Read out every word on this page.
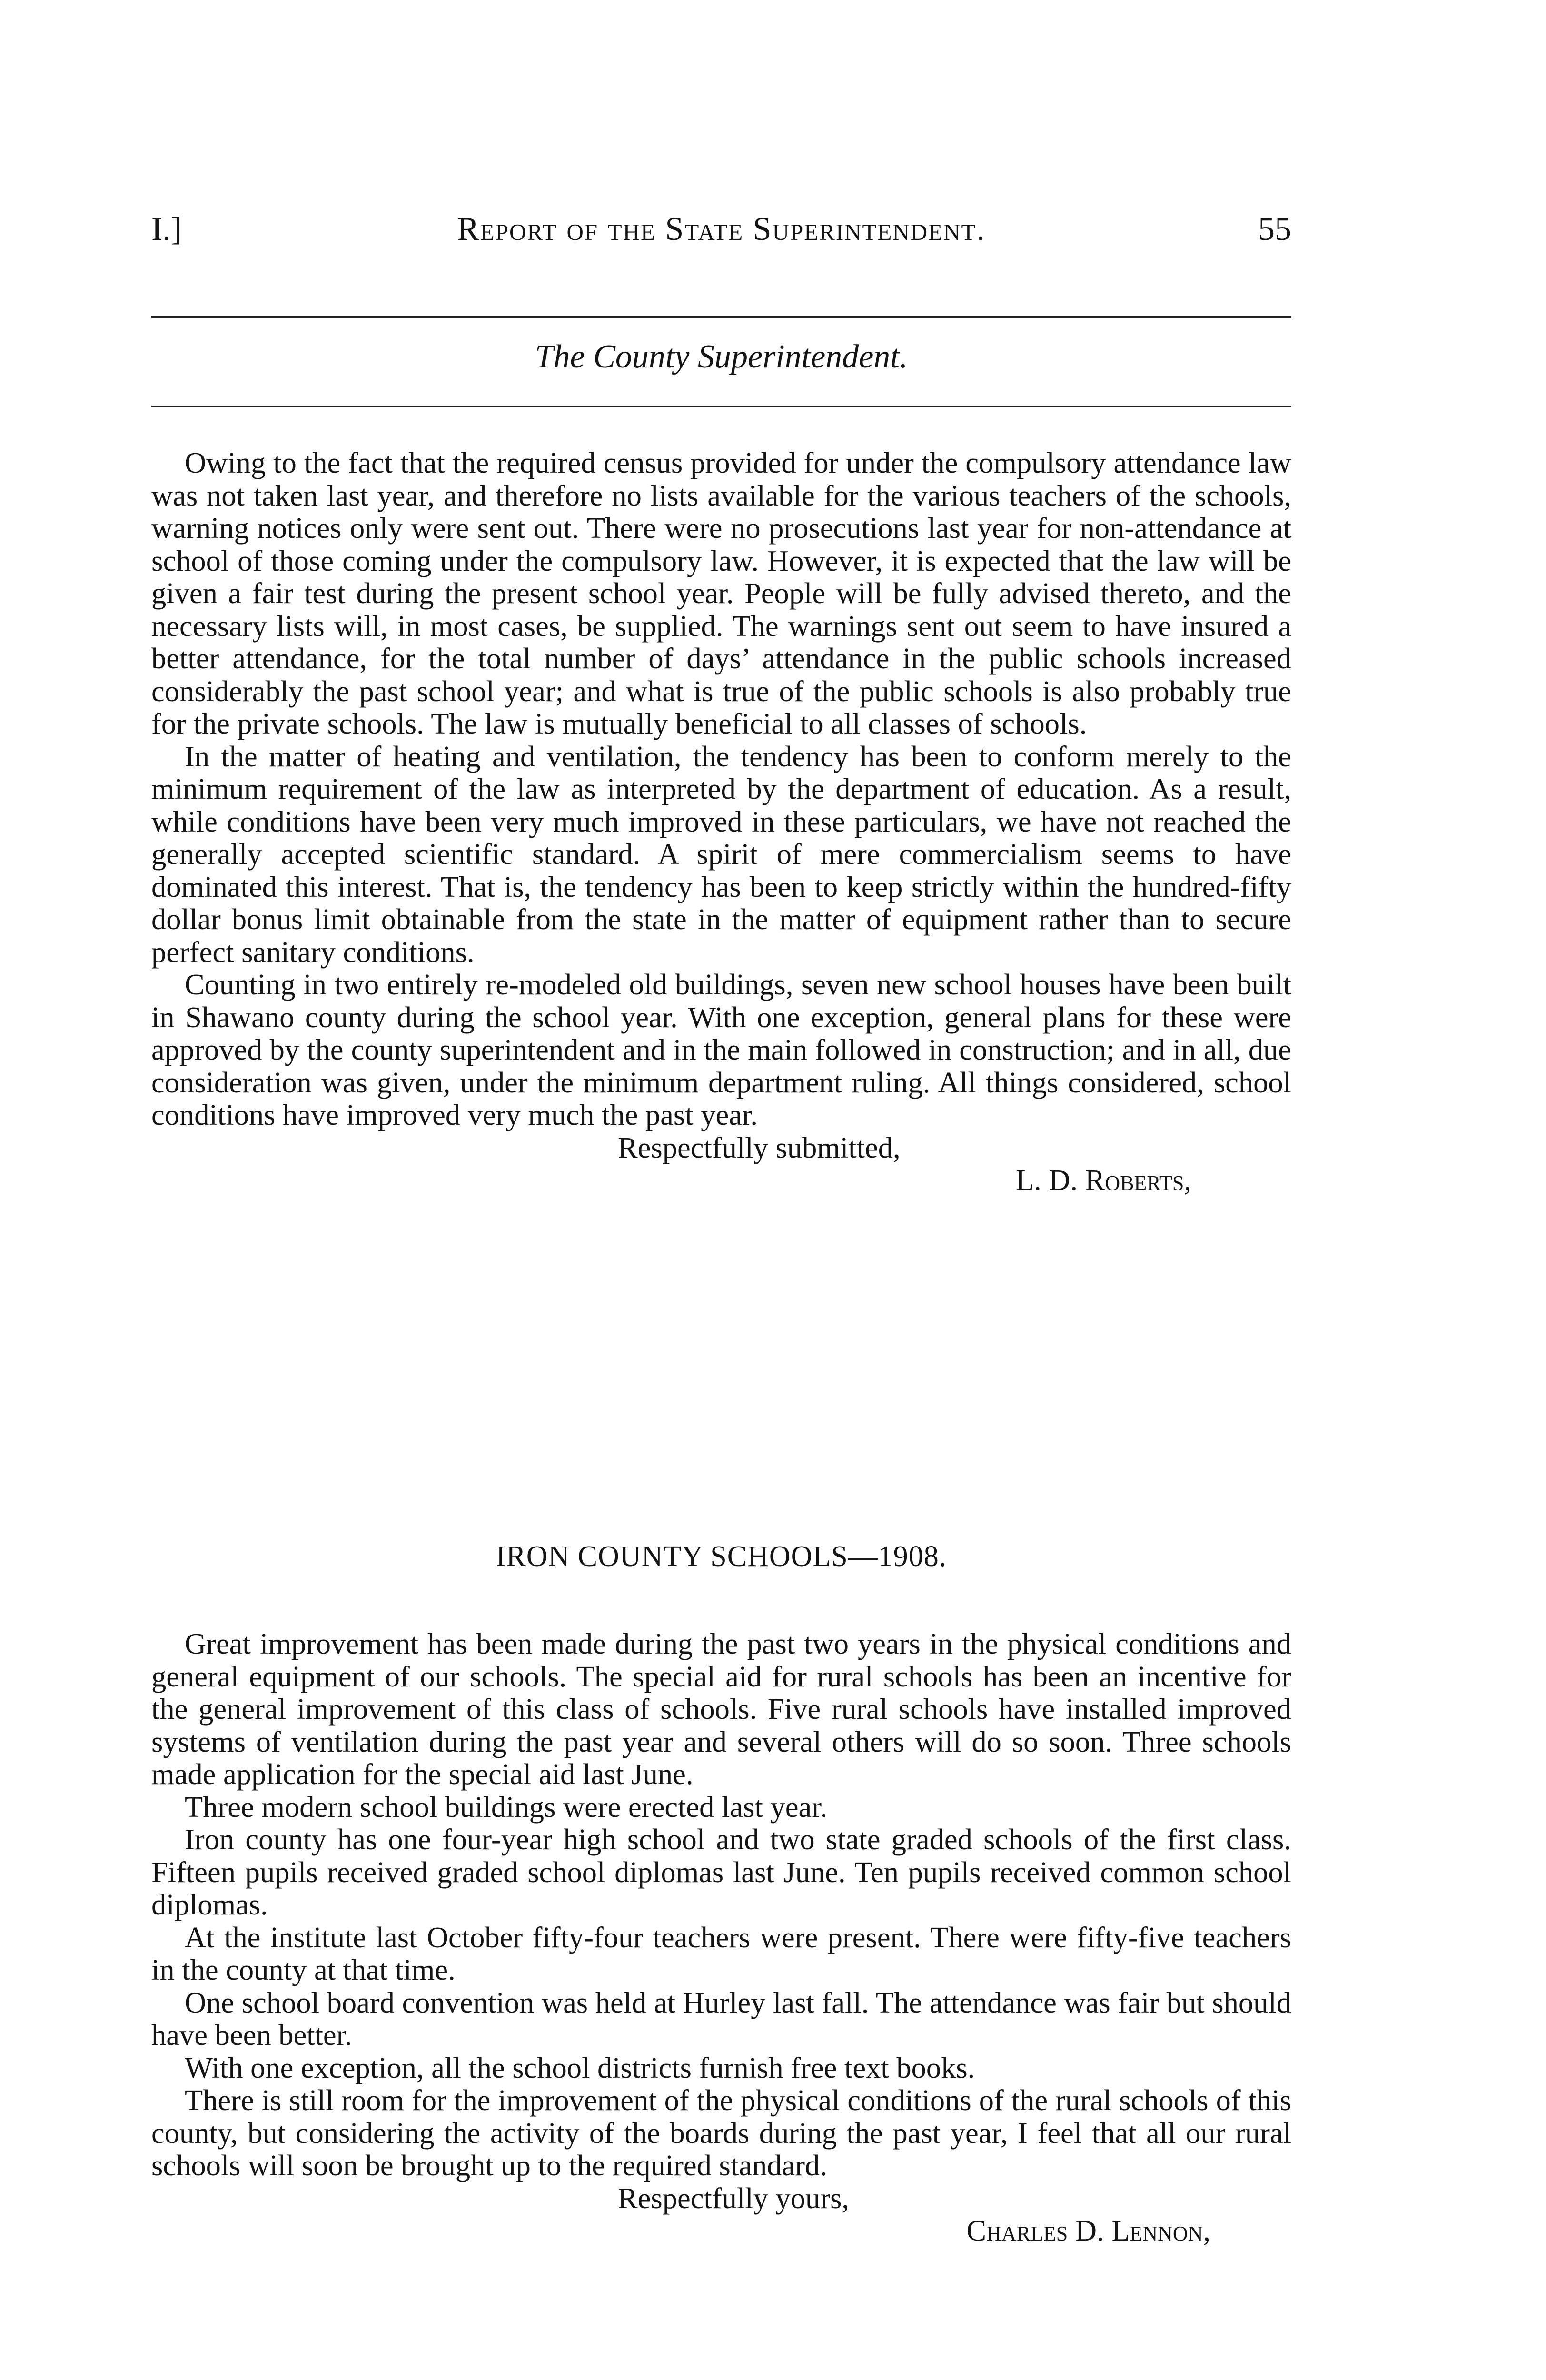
I.]	Report of the State Superintendent.	55
The County Superintendent.

Owing to the fact that the required census provided for under the compulsory attendance law was not taken last year, and therefore no lists available for the various teachers of the schools, warning notices only were sent out. There were no prosecutions last year for non-attendance at school of those coming under the compulsory law. However, it is expected that the law will be given a fair test during the present school year. People will be fully advised thereto, and the necessary lists will, in most cases, be supplied. The warnings sent out seem to have insured a better attendance, for the total number of days’ attendance in the public schools increased considerably the past school year; and what is true of the public schools is also probably true for the private schools. The law is mutually beneficial to all classes of schools.

In the matter of heating and ventilation, the tendency has been to conform merely to the minimum requirement of the law as interpreted by the department of education. As a result, while conditions have been very much improved in these particulars, we have not reached the generally accepted scientific standard. A spirit of mere commercialism seems to have dominated this interest. That is, the tendency has been to keep strictly within the hundred-fifty dollar bonus limit obtainable from the state in the matter of equipment rather than to secure perfect sanitary conditions.

Counting in two entirely re-modeled old buildings, seven new school houses have been built in Shawano county during the school year. With one exception, general plans for these were approved by the county superintendent and in the main followed in construction; and in all, due consideration was given, under the minimum department ruling. All things considered, school conditions have improved very much the past year.

Respectfully submitted,

L. D. Roberts,

IRON COUNTY SCHOOLS—1908.

Great improvement has been made during the past two years in the physical conditions and general equipment of our schools. The special aid for rural schools has been an incentive for the general improvement of this class of schools. Five rural schools have installed improved systems of ventilation during the past year and several others will do so soon. Three schools made application for the special aid last June.

Three modern school buildings were erected last year.

Iron county has one four-year high school and two state graded schools of the first class. Fifteen pupils received graded school diplomas last June. Ten pupils received common school diplomas.

At the institute last October fifty-four teachers were present. There were fifty-five teachers in the county at that time.

One school board convention was held at Hurley last fall. The attendance was fair but should have been better.

With one exception, all the school districts furnish free text books.

There is still room for the improvement of the physical conditions of the rural schools of this county, but considering the activity of the boards during the past year, I feel that all our rural schools will soon be brought up to the required standard.

Respectfully yours,

Charles D. Lennon,
